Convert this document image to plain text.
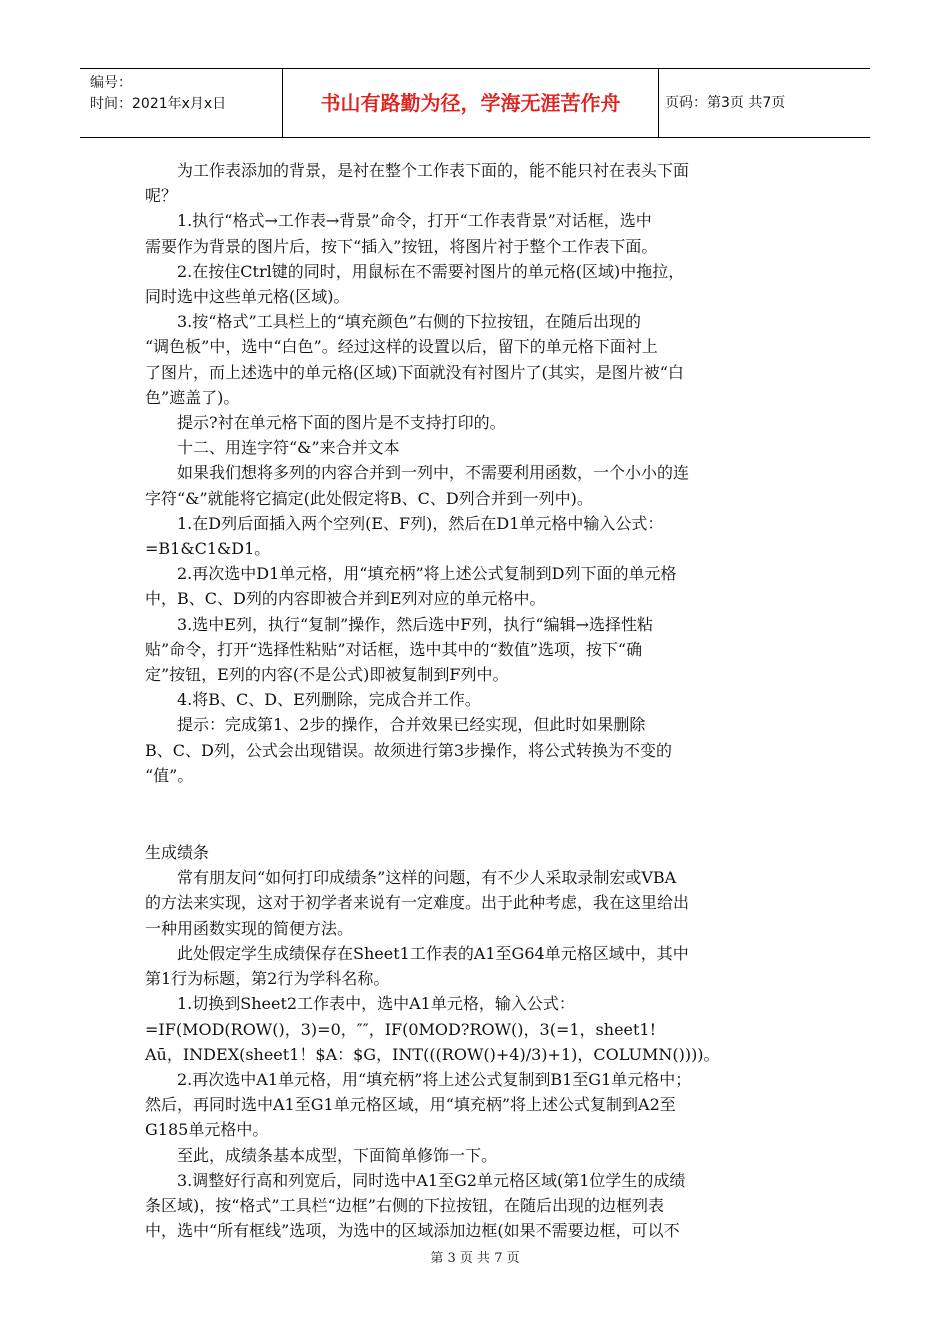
编号：
时间：2021年x月x日	书山有路勤为径，学海无涯苦作舟	页码：第3页 共7页
为工作表添加的背景，是衬在整个工作表下面的，能不能只衬在表头下面
呢？
1.执行“格式→工作表→背景”命令，打开“工作表背景”对话框，选中
需要作为背景的图片后，按下“插入”按钮，将图片衬于整个工作表下面。
2.在按住Ctrl键的同时，用鼠标在不需要衬图片的单元格(区域)中拖拉，
同时选中这些单元格(区域)。
3.按“格式”工具栏上的“填充颜色”右侧的下拉按钮，在随后出现的
“调色板”中，选中“白色”。经过这样的设置以后，留下的单元格下面衬上
了图片，而上述选中的单元格(区域)下面就没有衬图片了(其实，是图片被“白
色”遮盖了)。
提示?衬在单元格下面的图片是不支持打印的。
十二、用连字符“&”来合并文本
如果我们想将多列的内容合并到一列中，不需要利用函数，一个小小的连
字符“&”就能将它搞定(此处假定将B、C、D列合并到一列中)。
1.在D列后面插入两个空列(E、F列)，然后在D1单元格中输入公式：
=B1&C1&D1。
2.再次选中D1单元格，用“填充柄”将上述公式复制到D列下面的单元格
中，B、C、D列的内容即被合并到E列对应的单元格中。
3.选中E列，执行“复制”操作，然后选中F列，执行“编辑→选择性粘
贴”命令，打开“选择性粘贴”对话框，选中其中的“数值”选项，按下“确
定”按钮，E列的内容(不是公式)即被复制到F列中。
4.将B、C、D、E列删除，完成合并工作。
提示：完成第1、2步的操作，合并效果已经实现，但此时如果删除
B、C、D列，公式会出现错误。故须进行第3步操作，将公式转换为不变的
“值”。
生成绩条
常有朋友问“如何打印成绩条”这样的问题，有不少人采取录制宏或VBA
的方法来实现，这对于初学者来说有一定难度。出于此种考虑，我在这里给出
一种用函数实现的简便方法。
此处假定学生成绩保存在Sheet1工作表的A1至G64单元格区域中，其中
第1行为标题，第2行为学科名称。
1.切换到Sheet2工作表中，选中A1单元格，输入公式：
=IF(MOD(ROW()，3)=0，″″，IF(0MOD?ROW()，3(=1，sheet1!
Aū，INDEX(sheet1！$A：$G，INT(((ROW()+4)/3)+1)，COLUMN())))。
2.再次选中A1单元格，用“填充柄”将上述公式复制到B1至G1单元格中；
然后，再同时选中A1至G1单元格区域，用“填充柄”将上述公式复制到A2至
G185单元格中。
至此，成绩条基本成型，下面简单修饰一下。
3.调整好行高和列宽后，同时选中A1至G2单元格区域(第1位学生的成绩
条区域)，按“格式”工具栏“边框”右侧的下拉按钮，在随后出现的边框列表
中，选中“所有框线”选项，为选中的区域添加边框(如果不需要边框，可以不
第 3 页 共 7 页
